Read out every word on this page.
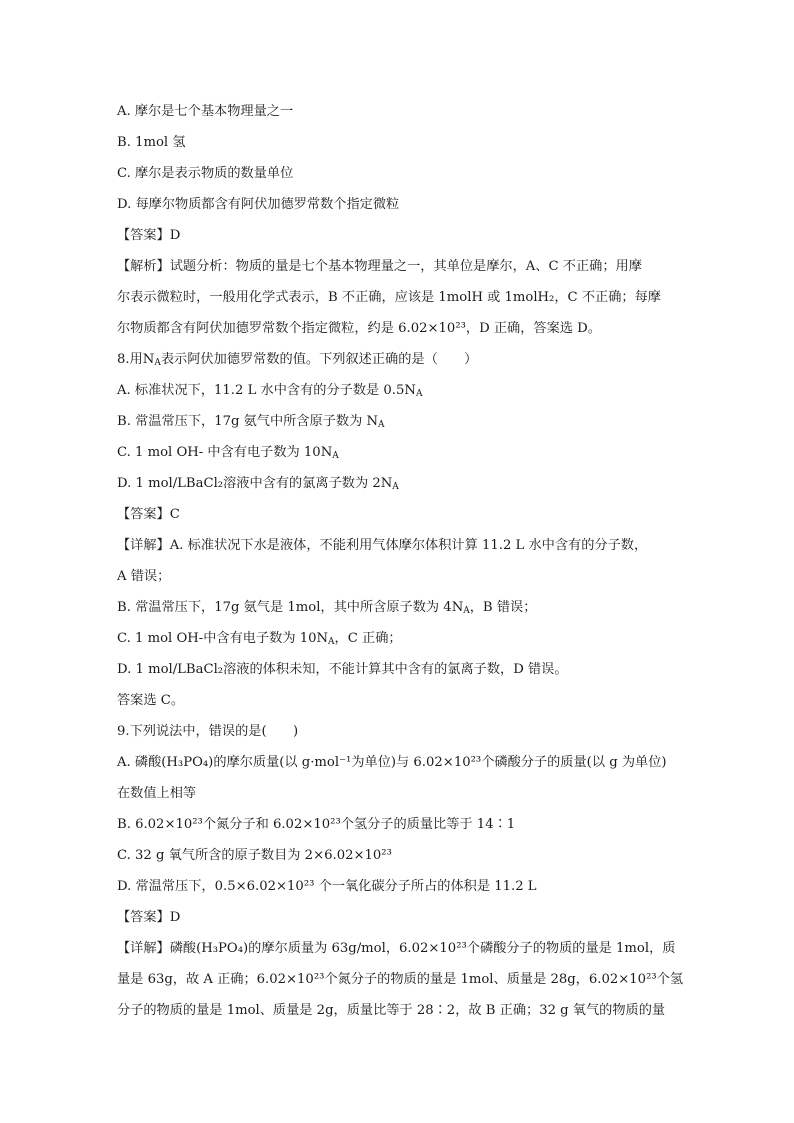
A. 摩尔是七个基本物理量之一

B. 1mol 氢

C. 摩尔是表示物质的数量单位

D. 每摩尔物质都含有阿伏加德罗常数个指定微粒

【答案】D

【解析】试题分析：物质的量是七个基本物理量之一，其单位是摩尔，A、C 不正确；用摩

尔表示微粒时，一般用化学式表示，B 不正确，应该是 1molH 或 1molH₂，C 不正确；每摩

尔物质都含有阿伏加德罗常数个指定微粒，约是 6.02×10²³，D 正确，答案选 D。

8.用$N_A$表示阿伏加德罗常数的值。下列叙述正确的是（　　）

A. 标准状况下，11.2 L 水中含有的分子数是 $0.5N_A$

B. 常温常压下，17g 氨气中所含原子数为 $N_A$

C. 1 mol OH- 中含有电子数为 $10N_A$

D. 1 mol/LBaCl₂溶液中含有的氯离子数为 $2N_A$

【答案】C

【详解】A. 标准状况下水是液体，不能利用气体摩尔体积计算 11.2 L 水中含有的分子数，

A 错误；

B. 常温常压下，17g 氨气是 1mol，其中所含原子数为 $4N_A$，B 错误；

C. 1 mol OH-中含有电子数为 $10N_A$，C 正确；

D. 1 mol/LBaCl₂溶液的体积未知，不能计算其中含有的氯离子数，D 错误。

答案选 C。

9.下列说法中，错误的是(　　)

A. 磷酸(H₃PO₄)的摩尔质量(以 g·mol⁻¹为单位)与 6.02×10²³个磷酸分子的质量(以 g 为单位)

在数值上相等

B. 6.02×10²³个氮分子和 6.02×10²³个氢分子的质量比等于 14∶1

C. 32 g 氧气所含的原子数目为 2×6.02×10²³

D. 常温常压下，0.5×6.02×10²³ 个一氧化碳分子所占的体积是 11.2 L

【答案】D

【详解】磷酸(H₃PO₄)的摩尔质量为 63g/mol，6.02×10²³个磷酸分子的物质的量是 1mol，质

量是 63g，故 A 正确；6.02×10²³个氮分子的物质的量是 1mol、质量是 28g，6.02×10²³个氢

分子的物质的量是 1mol、质量是 2g，质量比等于 28∶2，故 B 正确；32 g 氧气的物质的量
